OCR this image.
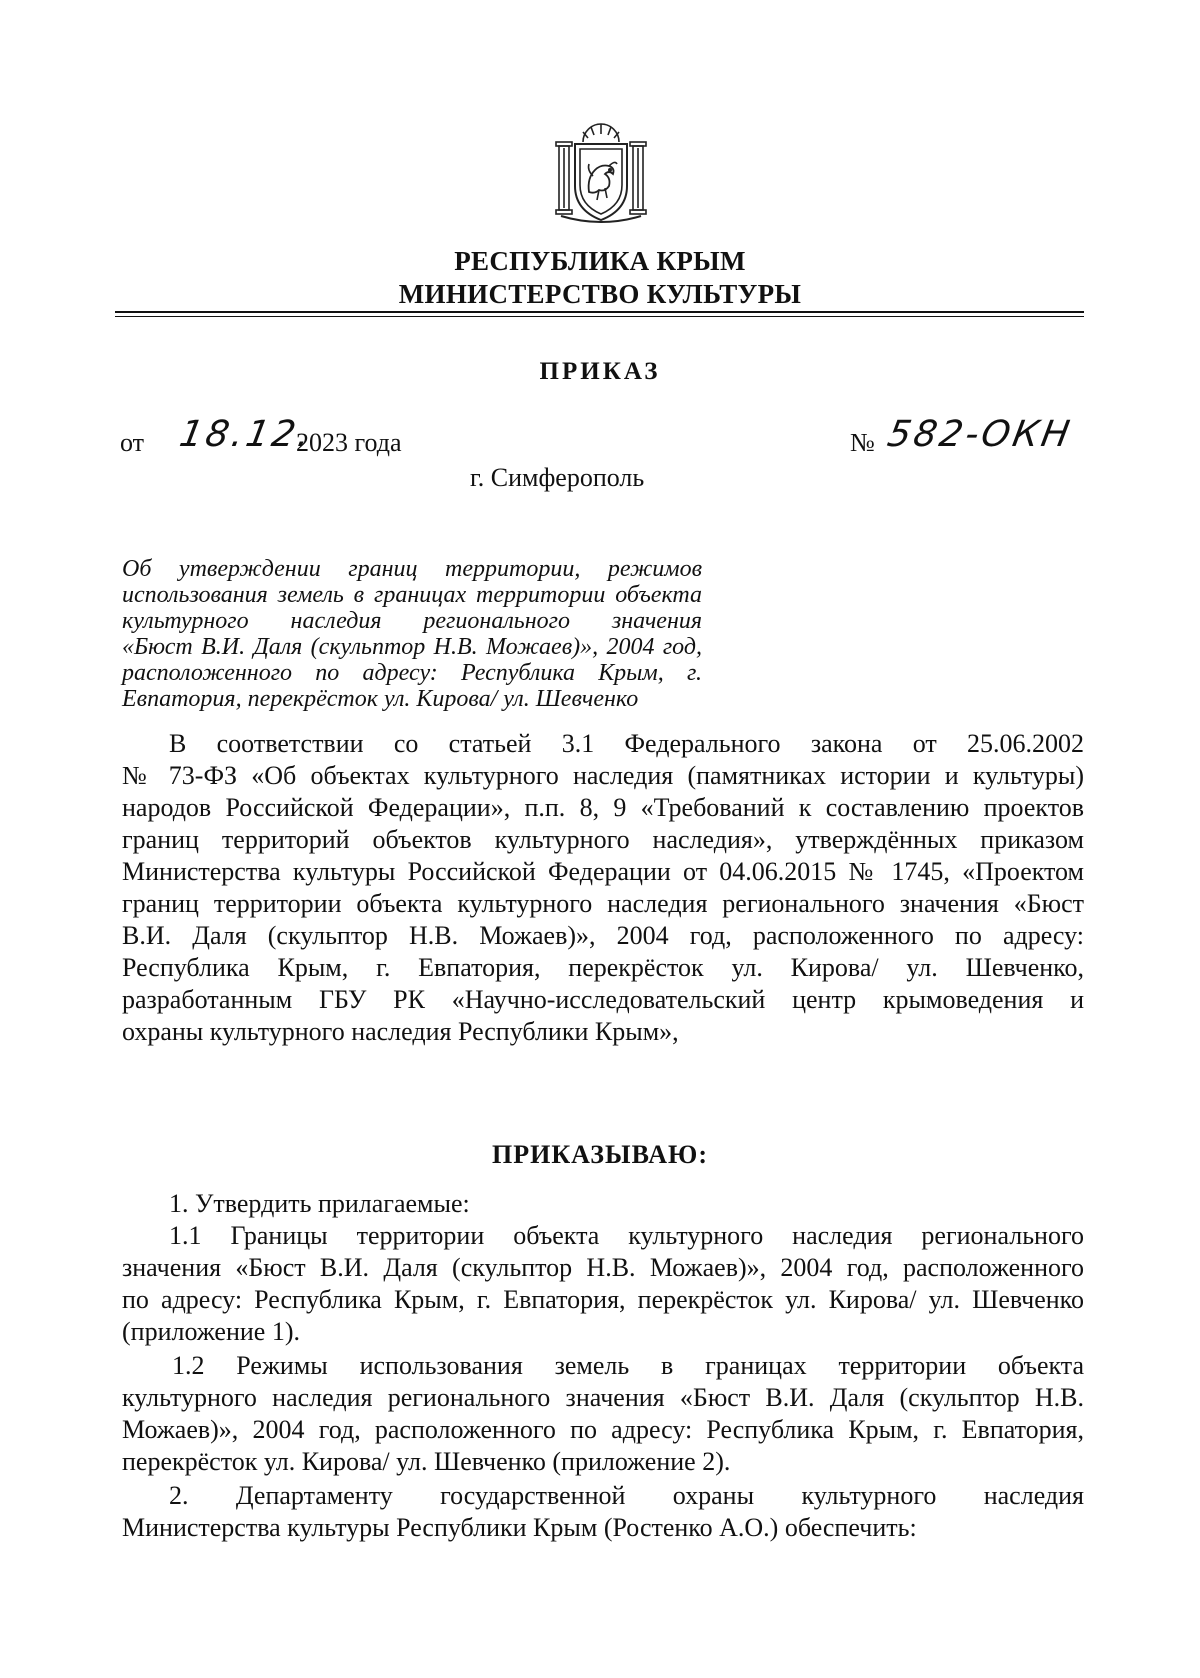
РЕСПУБЛИКА КРЫМ
МИНИСТЕРСТВО КУЛЬТУРЫ
ПРИКАЗ
от 18.12.
2023 года	№ 582-ОКН
г. Симферополь
Об утверждении границ территории, режимов
использования земель в границах территории объекта
культурного наследия регионального значения
«Бюст В.И. Даля (скульптор Н.В. Можаев)», 2004 год,
расположенного по адресу: Республика Крым, г.
Евпатория, перекрёсток ул. Кирова/ ул. Шевченко
В соответствии со статьей 3.1 Федерального закона от 25.06.2002
№ 73-ФЗ «Об объектах культурного наследия (памятниках истории и культуры)
народов Российской Федерации», п.п. 8, 9 «Требований к составлению проектов
границ территорий объектов культурного наследия», утверждённых приказом
Министерства культуры Российской Федерации от 04.06.2015 № 1745, «Проектом
границ территории объекта культурного наследия регионального значения «Бюст
В.И. Даля (скульптор Н.В. Можаев)», 2004 год, расположенного по адресу:
Республика Крым, г. Евпатория, перекрёсток ул. Кирова/ ул. Шевченко,
разработанным ГБУ РК «Научно-исследовательский центр крымоведения и
охраны культурного наследия Республики Крым»,
ПРИКАЗЫВАЮ:
1. Утвердить прилагаемые:
1.1 Границы территории объекта культурного наследия регионального
значения «Бюст В.И. Даля (скульптор Н.В. Можаев)», 2004 год, расположенного
по адресу: Республика Крым, г. Евпатория, перекрёсток ул. Кирова/ ул. Шевченко
(приложение 1).
1.2 Режимы использования земель в границах территории объекта
культурного наследия регионального значения «Бюст В.И. Даля (скульптор Н.В.
Можаев)», 2004 год, расположенного по адресу: Республика Крым, г. Евпатория,
перекрёсток ул. Кирова/ ул. Шевченко (приложение 2).
2. Департаменту государственной охраны культурного наследия
Министерства культуры Республики Крым (Ростенко А.О.) обеспечить:
